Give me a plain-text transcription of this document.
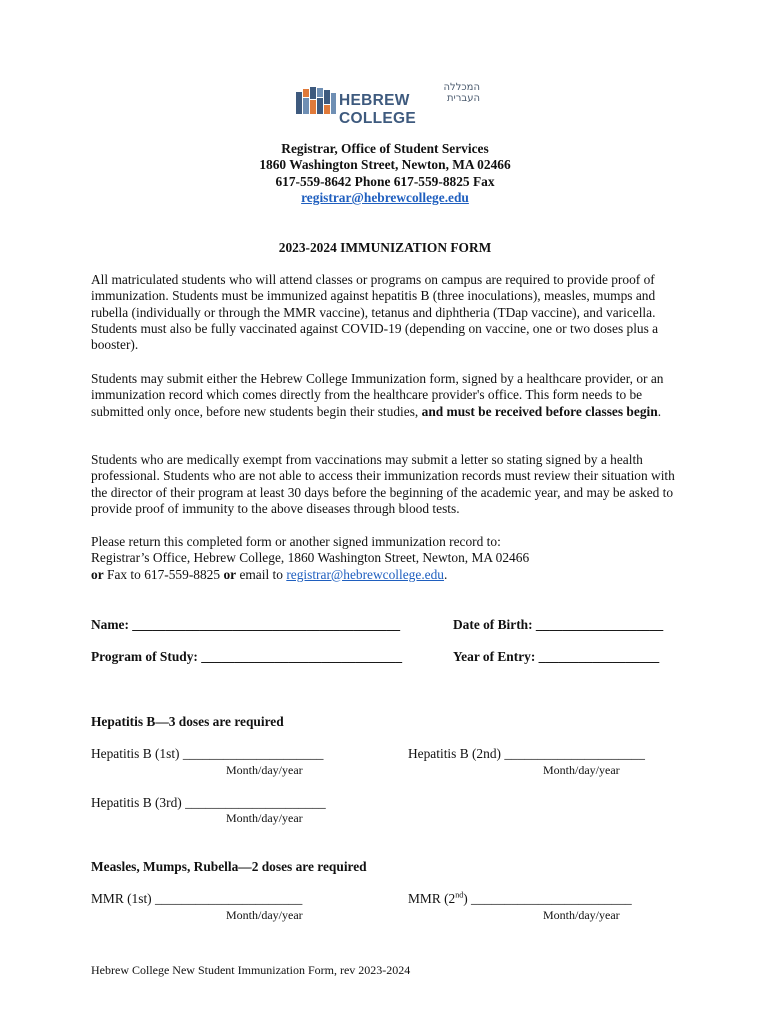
המכללה העברית
HEBREW COLLEGE
Registrar, Office of Student Services
1860 Washington Street, Newton, MA 02466
617-559-8642 Phone 617-559-8825 Fax
registrar@hebrewcollege.edu
2023-2024 IMMUNIZATION FORM
All matriculated students who will attend classes or programs on campus are required to provide proof of immunization. Students must be immunized against hepatitis B (three inoculations), measles, mumps and rubella (individually or through the MMR vaccine), tetanus and diphtheria (TDap vaccine), and varicella. Students must also be fully vaccinated against COVID-19 (depending on vaccine, one or two doses plus a booster).
Students may submit either the Hebrew College Immunization form, signed by a healthcare provider, or an immunization record which comes directly from the healthcare provider's office. This form needs to be submitted only once, before new students begin their studies, and must be received before classes begin.
Students who are medically exempt from vaccinations may submit a letter so stating signed by a health professional. Students who are not able to access their immunization records must review their situation with the director of their program at least 30 days before the beginning of the academic year, and may be asked to provide proof of immunity to the above diseases through blood tests.
Please return this completed form or another signed immunization record to:
Registrar’s Office, Hebrew College, 1860 Washington Street, Newton, MA 02466
or Fax to 617-559-8825 or email to registrar@hebrewcollege.edu.
Name: ________________________________________	Date of Birth: ___________________
Program of Study: ______________________________	Year of Entry: __________________
Hepatitis B—3 doses are required
Hepatitis B (1st) _____________________	Hepatitis B (2nd) _____________________
Month/day/year	Month/day/year
Hepatitis B (3rd) _____________________
Month/day/year
Measles, Mumps, Rubella—2 doses are required
MMR (1st) ______________________	MMR (2nd) ________________________
Month/day/year	Month/day/year
Hebrew College New Student Immunization Form, rev 2023-2024
